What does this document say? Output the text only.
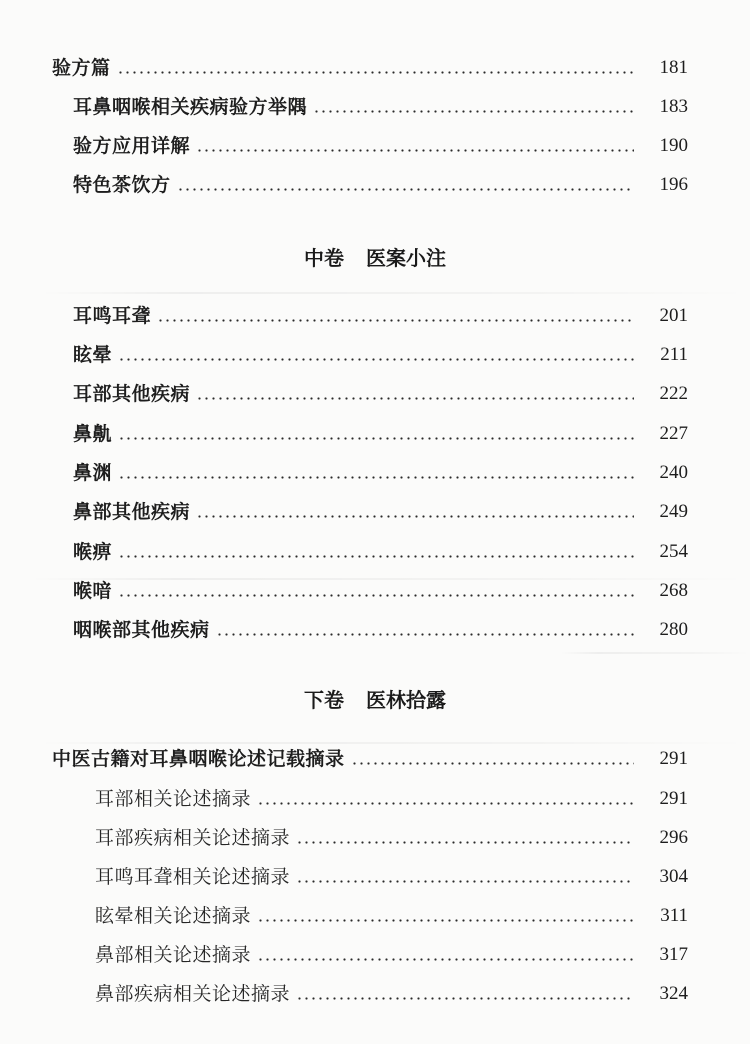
验方篇	181
耳鼻咽喉相关疾病验方举隅	183
验方应用详解	190
特色茶饮方	196
中卷 医案小注
耳鸣耳聋	201
眩晕	211
耳部其他疾病	222
鼻鼽	227
鼻渊	240
鼻部其他疾病	249
喉痹	254
喉喑	268
咽喉部其他疾病	280
下卷 医林拾露
中医古籍对耳鼻咽喉论述记载摘录	291
耳部相关论述摘录	291
耳部疾病相关论述摘录	296
耳鸣耳聋相关论述摘录	304
眩晕相关论述摘录	311
鼻部相关论述摘录	317
鼻部疾病相关论述摘录	324
